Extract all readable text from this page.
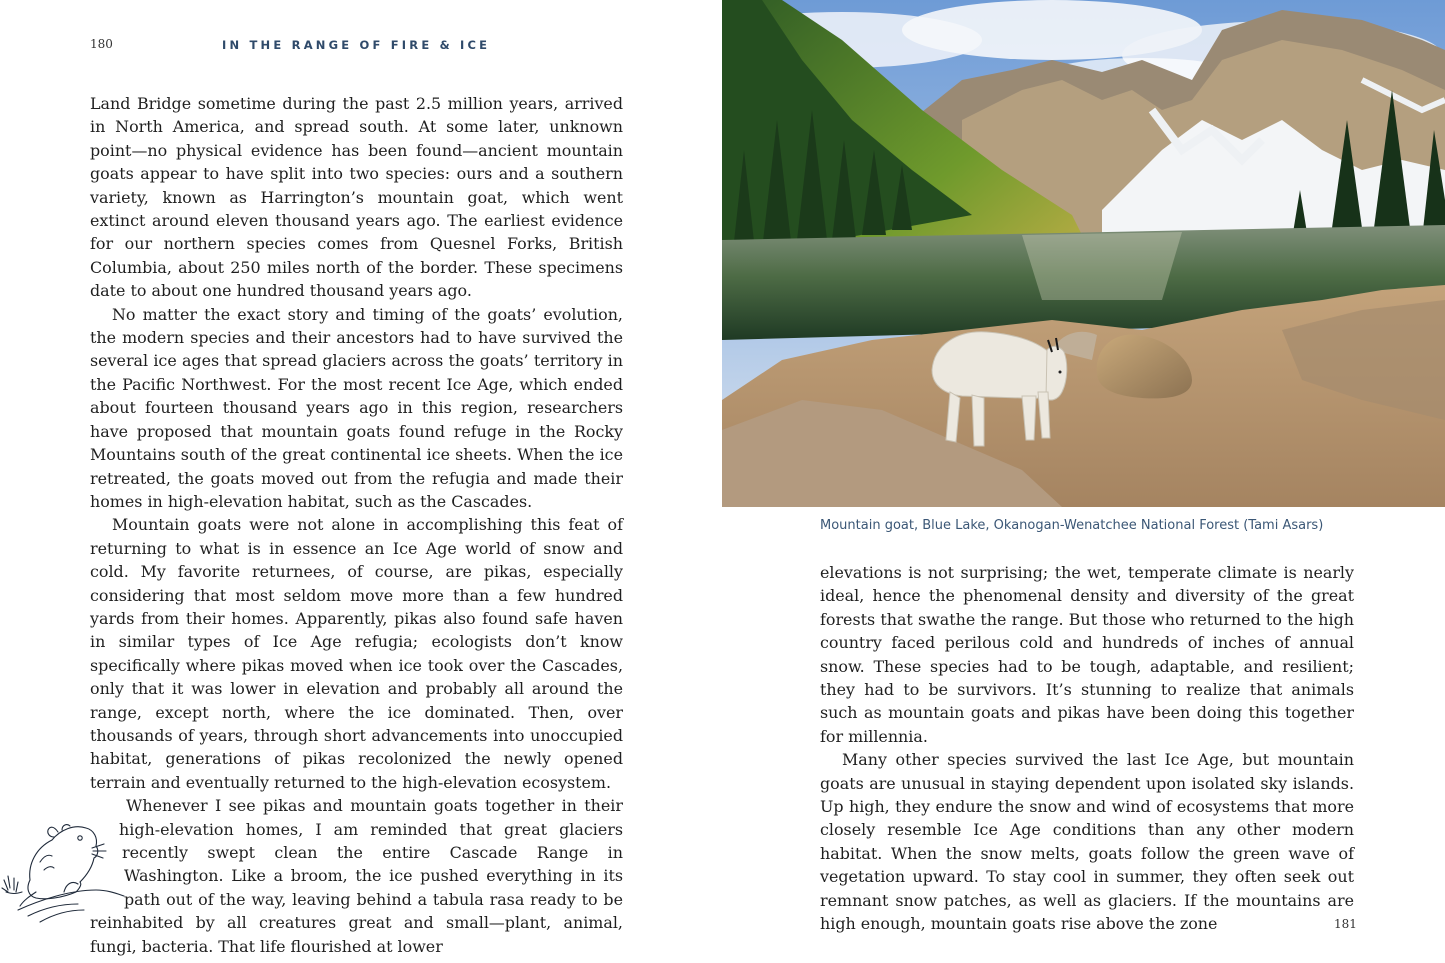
180	IN THE RANGE OF FIRE & ICE

Land Bridge sometime during the past 2.5 million years, arrived in North America, and spread south. At some later, unknown point—no physical evidence has been found—ancient mountain goats appear to have split into two species: ours and a southern variety, known as Harrington’s mountain goat, which went extinct around eleven thousand years ago. The earliest evidence for our northern species comes from Quesnel Forks, British Columbia, about 250 miles north of the border. These specimens date to about one hundred thousand years ago.

No matter the exact story and timing of the goats’ evolution, the modern species and their ancestors had to have survived the several ice ages that spread glaciers across the goats’ territory in the Pacific Northwest. For the most recent Ice Age, which ended about fourteen thousand years ago in this region, researchers have proposed that mountain goats found refuge in the Rocky Mountains south of the great continental ice sheets. When the ice retreated, the goats moved out from the refugia and made their homes in high-elevation habitat, such as the Cascades.

Mountain goats were not alone in accomplishing this feat of returning to what is in essence an Ice Age world of snow and cold. My favorite returnees, of course, are pikas, especially considering that most seldom move more than a few hundred yards from their homes. Apparently, pikas also found safe haven in similar types of Ice Age refugia; ecologists don’t know specifically where pikas moved when ice took over the Cascades, only that it was lower in elevation and probably all around the range, except north, where the ice dominated. Then, over thousands of years, through short advancements into unoccupied habitat, generations of pikas recolonized the newly opened terrain and eventually returned to the high-elevation ecosystem.

Whenever I see pikas and mountain goats together in their high-elevation homes, I am reminded that great glaciers recently swept clean the entire Cascade Range in Washington. Like a broom, the ice pushed everything in its path out of the way, leaving behind a tabula rasa ready to be reinhabited by all creatures great and small—plant, animal, fungi, bacteria. That life flourished at lower

Mountain goat, Blue Lake, Okanogan-Wenatchee National Forest (Tami Asars)

elevations is not surprising; the wet, temperate climate is nearly ideal, hence the phenomenal density and diversity of the great forests that swathe the range. But those who returned to the high country faced perilous cold and hundreds of inches of annual snow. These species had to be tough, adaptable, and resilient; they had to be survivors. It’s stunning to realize that animals such as mountain goats and pikas have been doing this together for millennia.

Many other species survived the last Ice Age, but mountain goats are unusual in staying dependent upon isolated sky islands. Up high, they endure the snow and wind of ecosystems that more closely resemble Ice Age conditions than any other modern habitat. When the snow melts, goats follow the green wave of vegetation upward. To stay cool in summer, they often seek out remnant snow patches, as well as glaciers. If the mountains are high enough, mountain goats rise above the zone	181
